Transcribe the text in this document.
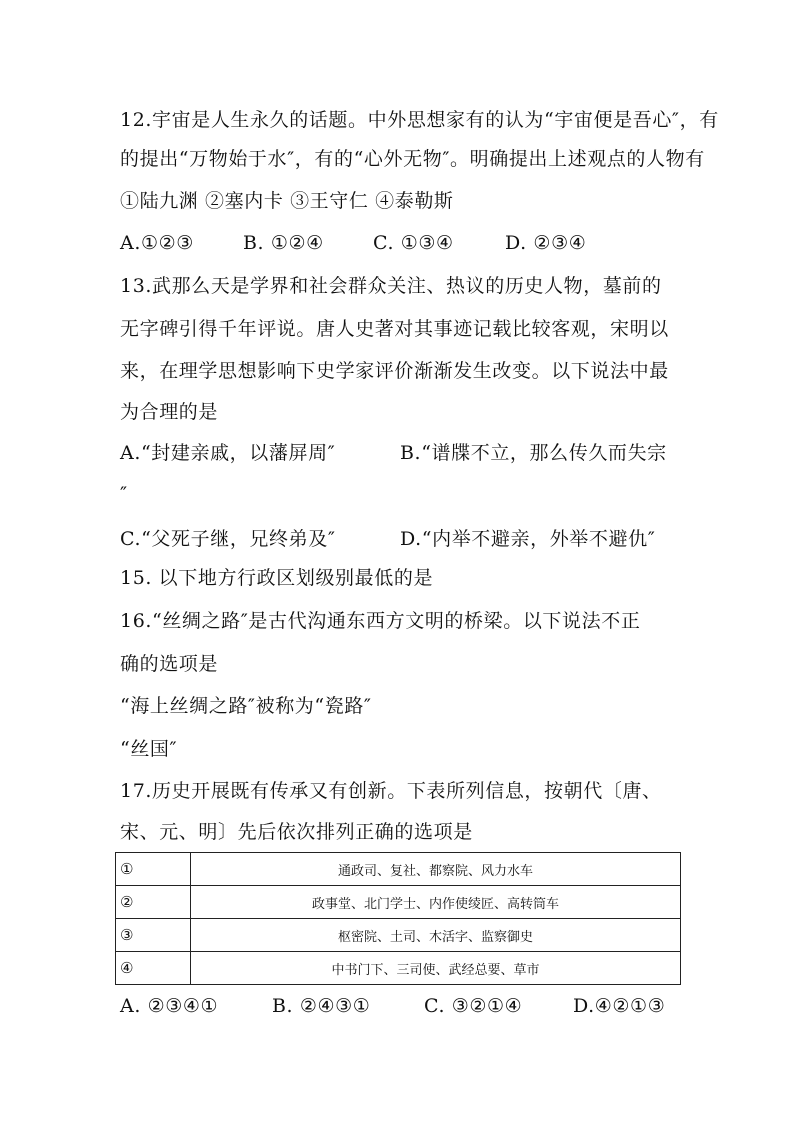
12.宇宙是人生永久的话题。中外思想家有的认为“宇宙便是吾心″，有
的提出“万物始于水″，有的“心外无物″。明确提出上述观点的人物有
①陆九渊 ②塞内卡 ③王守仁 ④泰勒斯
A.①②③	B. ①②④	C. ①③④	D. ②③④
13.武那么天是学界和社会群众关注、热议的历史人物，墓前的
无字碑引得千年评说。唐人史著对其事迹记载比较客观，宋明以
来，在理学思想影响下史学家评价渐渐发生改变。以下说法中最
为合理的是
A.“封建亲戚，以藩屏周″	B.“谱牒不立，那么传久而失宗
″
C.“父死子继，兄终弟及″	D.“内举不避亲，外举不避仇″
15. 以下地方行政区划级别最低的是
16.“丝绸之路″是古代沟通东西方文明的桥梁。以下说法不正
确的选项是
“海上丝绸之路″被称为“瓷路″
“丝国″
17.历史开展既有传承又有创新。下表所列信息，按朝代〔唐、
宋、元、明〕先后依次排列正确的选项是
①	通政司、复社、都察院、风力水车
②	政事堂、北门学士、内作使绫匠、高转筒车
③	枢密院、土司、木活字、监察御史
④	中书门下、三司使、武经总要、草市
A. ②③④①	B. ②④③①	C. ③②①④	D.④②①③
